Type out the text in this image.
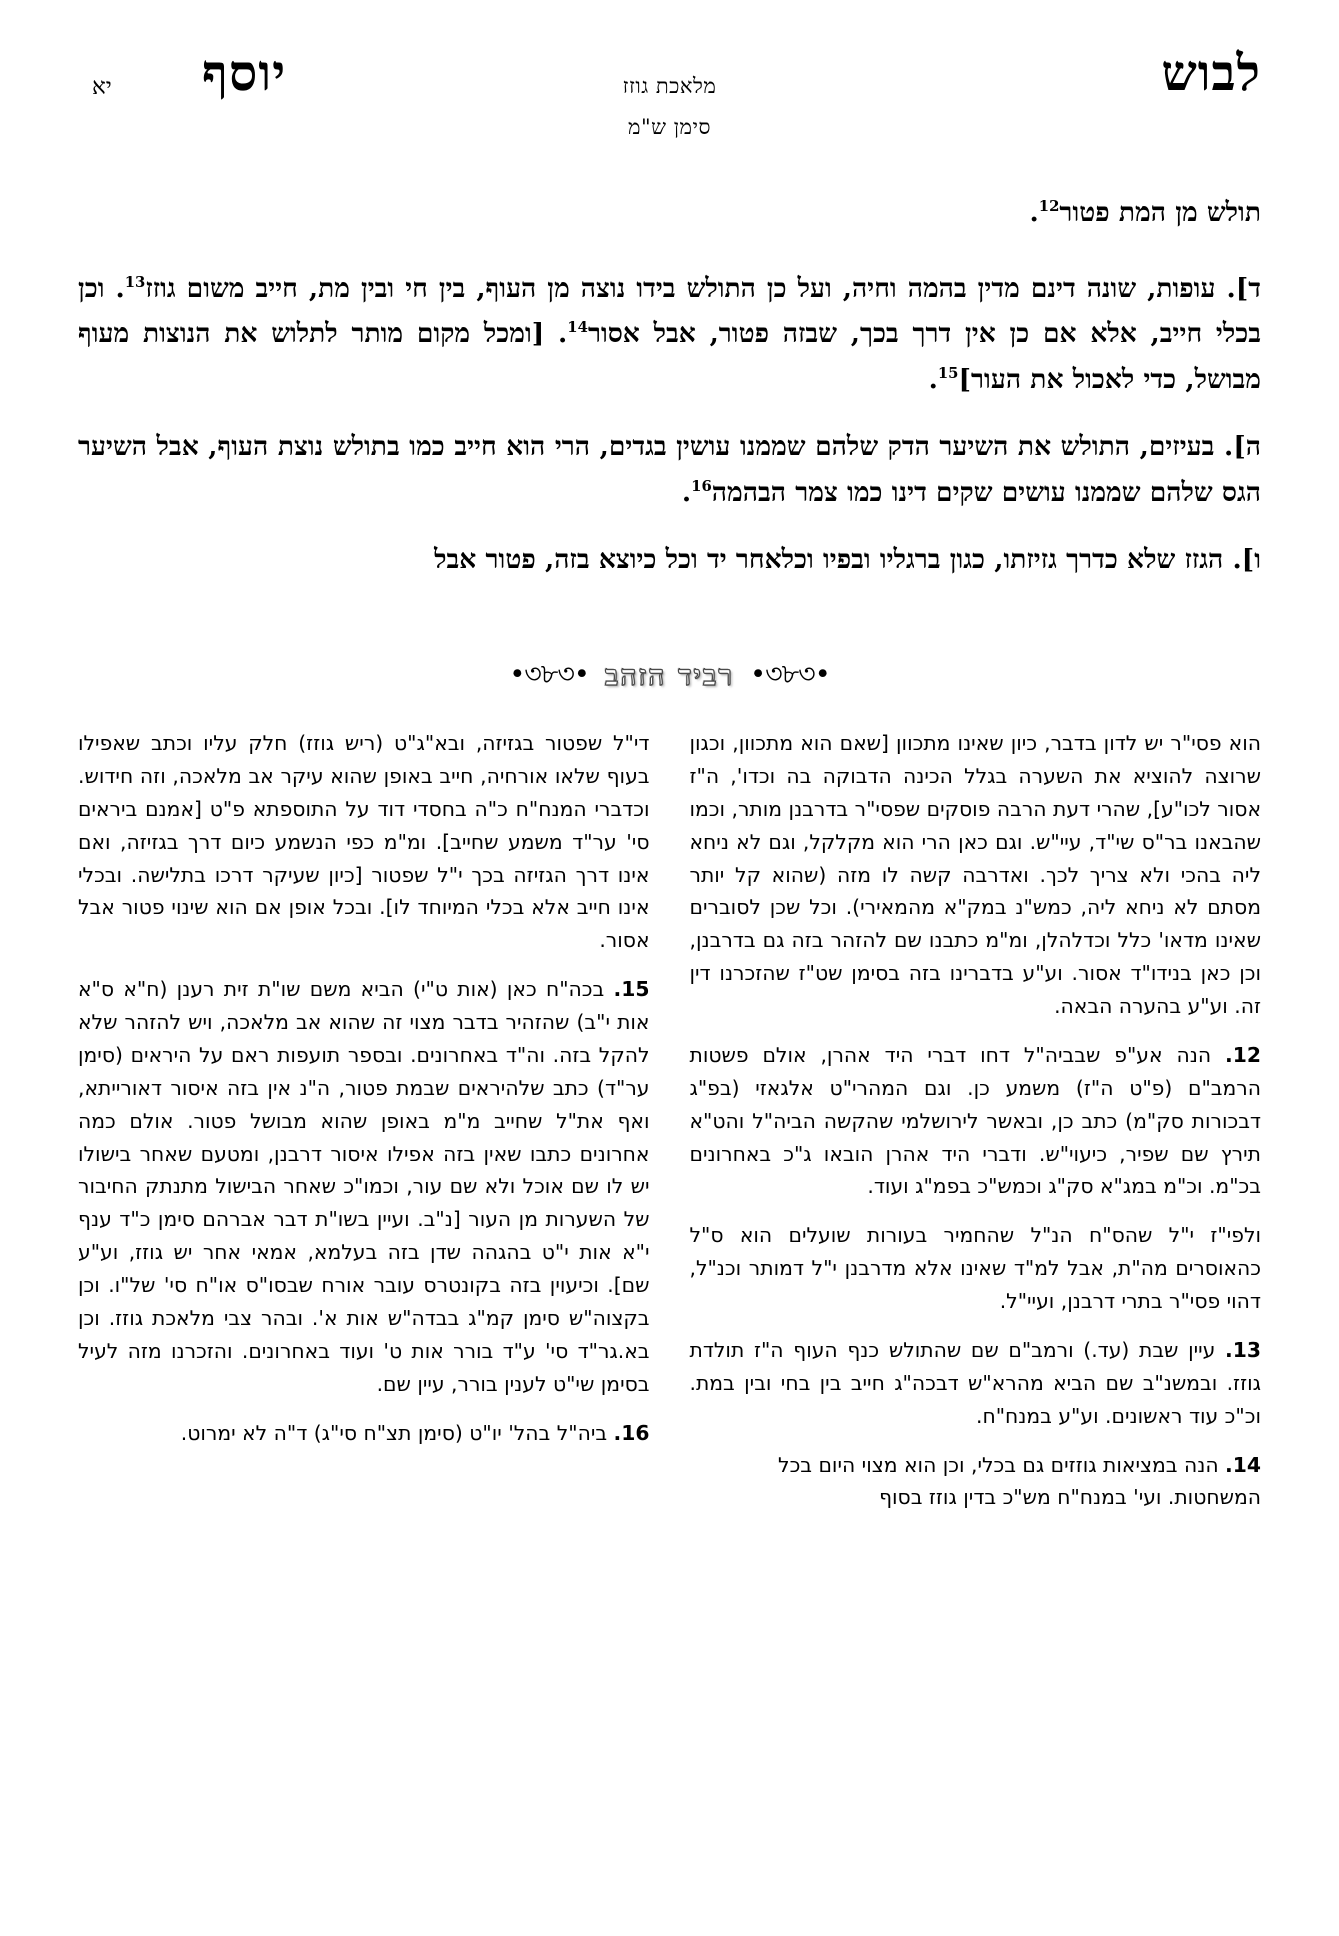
לבוש
מלאכת גוזז
סימן ש"מ
יוסף
יא

תולש מן המת פטור$^{12}$.

ד]. עופות, שונה דינם מדין בהמה וחיה, ועל כן התולש בידו נוצה מן העוף, בין חי ובין מת, חייב משום גוזז$^{13}$. וכן בכלי חייב, אלא אם כן אין דרך בכך, שבזה פטור, אבל אסור$^{14}$. [ומכל מקום מותר לתלוש את הנוצות מעוף מבושל, כדי לאכול את העור]$^{15}$.

ה]. בעיזים, התולש את השיער הדק שלהם שממנו עושין בגדים, הרי הוא חייב כמו בתולש נוצת העוף, אבל השיער הגס שלהם שממנו עושים שקים דינו כמו צמר הבהמה$^{16}$.

ו]. הגזז שלא כדרך גזיזתו, כגון ברגליו ובפיו וכלאחר יד וכל כיוצא בזה, פטור אבל

•৩৮৩• רביד הזהב •৩৮৩•

הוא פסי"ר יש לדון בדבר, כיון שאינו מתכוון [שאם הוא מתכוון, וכגון שרוצה להוציא את השערה בגלל הכינה הדבוקה בה וכדו', ה"ז אסור לכו"ע], שהרי דעת הרבה פוסקים שפסי"ר בדרבנן מותר, וכמו שהבאנו בר"ס שי"ד, עיי"ש. וגם כאן הרי הוא מקלקל, וגם לא ניחא ליה בהכי ולא צריך לכך. ואדרבה קשה לו מזה (שהוא קל יותר מסתם לא ניחא ליה, כמש"נ במק"א מהמאירי). וכל שכן לסוברים שאינו מדאו' כלל וכדלהלן, ומ"מ כתבנו שם להזהר בזה גם בדרבנן, וכן כאן בנידו"ד אסור. וע"ע בדברינו בזה בסימן שט"ז שהזכרנו דין זה. וע"ע בהערה הבאה.

12. הנה אע"פ שבביה"ל דחו דברי היד אהרן, אולם פשטות הרמב"ם (פ"ט ה"ז) משמע כן. וגם המהרי"ט אלגאזי (בפ"ג דבכורות סק"מ) כתב כן, ובאשר לירושלמי שהקשה הביה"ל והט"א תירץ שם שפיר, כיעוי"ש. ודברי היד אהרן הובאו ג"כ באחרונים בכ"מ. וכ"מ במג"א סק"ג וכמש"כ בפמ"ג ועוד.

ולפי"ז י"ל שהס"ח הנ"ל שהחמיר בעורות שועלים הוא ס"ל כהאוסרים מה"ת, אבל למ"ד שאינו אלא מדרבנן י"ל דמותר וכנ"ל, דהוי פסי"ר בתרי דרבנן, ועיי"ל.

13. עיין שבת (עד.) ורמב"ם שם שהתולש כנף העוף ה"ז תולדת גוזז. ובמשנ"ב שם הביא מהרא"ש דבכה"ג חייב בין בחי ובין במת. וכ"כ עוד ראשונים. וע"ע במנח"ח.

14. הנה במציאות גוזזים גם בכלי, וכן הוא מצוי היום בכל המשחטות. ועי' במנח"ח מש"כ בדין גוזז בסוף

די"ל שפטור בגזיזה, ובא"ג"ט (ריש גוזז) חלק עליו וכתב שאפילו בעוף שלאו אורחיה, חייב באופן שהוא עיקר אב מלאכה, וזה חידוש. וכדברי המנח"ח כ"ה בחסדי דוד על התוספתא פ"ט [אמנם ביראים סי' ער"ד משמע שחייב]. ומ"מ כפי הנשמע כיום דרך בגזיזה, ואם אינו דרך הגזיזה בכך י"ל שפטור [כיון שעיקר דרכו בתלישה. ובכלי אינו חייב אלא בכלי המיוחד לו]. ובכל אופן אם הוא שינוי פטור אבל אסור.

15. בכה"ח כאן (אות ט"י) הביא משם שו"ת זית רענן (ח"א ס"א אות י"ב) שהזהיר בדבר מצוי זה שהוא אב מלאכה, ויש להזהר שלא להקל בזה. וה"ד באחרונים. ובספר תועפות ראם על היראים (סימן ער"ד) כתב שלהיראים שבמת פטור, ה"נ אין בזה איסור דאורייתא, ואף את"ל שחייב מ"מ באופן שהוא מבושל פטור. אולם כמה אחרונים כתבו שאין בזה אפילו איסור דרבנן, ומטעם שאחר בישולו יש לו שם אוכל ולא שם עור, וכמו"כ שאחר הבישול מתנתק החיבור של השערות מן העור [נ"ב. ועיין בשו"ת דבר אברהם סימן כ"ד ענף י"א אות י"ט בהגהה שדן בזה בעלמא, אמאי אחר יש גוזז, וע"ע שם]. וכיעוין בזה בקונטרס עובר אורח שבסו"ס או"ח סי' של"ו. וכן בקצוה"ש סימן קמ"ג בבדה"ש אות א'. ובהר צבי מלאכת גוזז. וכן בא.גר"ד סי' ע"ד בורר אות ט' ועוד באחרונים. והזכרנו מזה לעיל בסימן שי"ט לענין בורר, עיין שם.

16. ביה"ל בהל' יו"ט (סימן תצ"ח סי"ג) ד"ה לא ימרוט.
